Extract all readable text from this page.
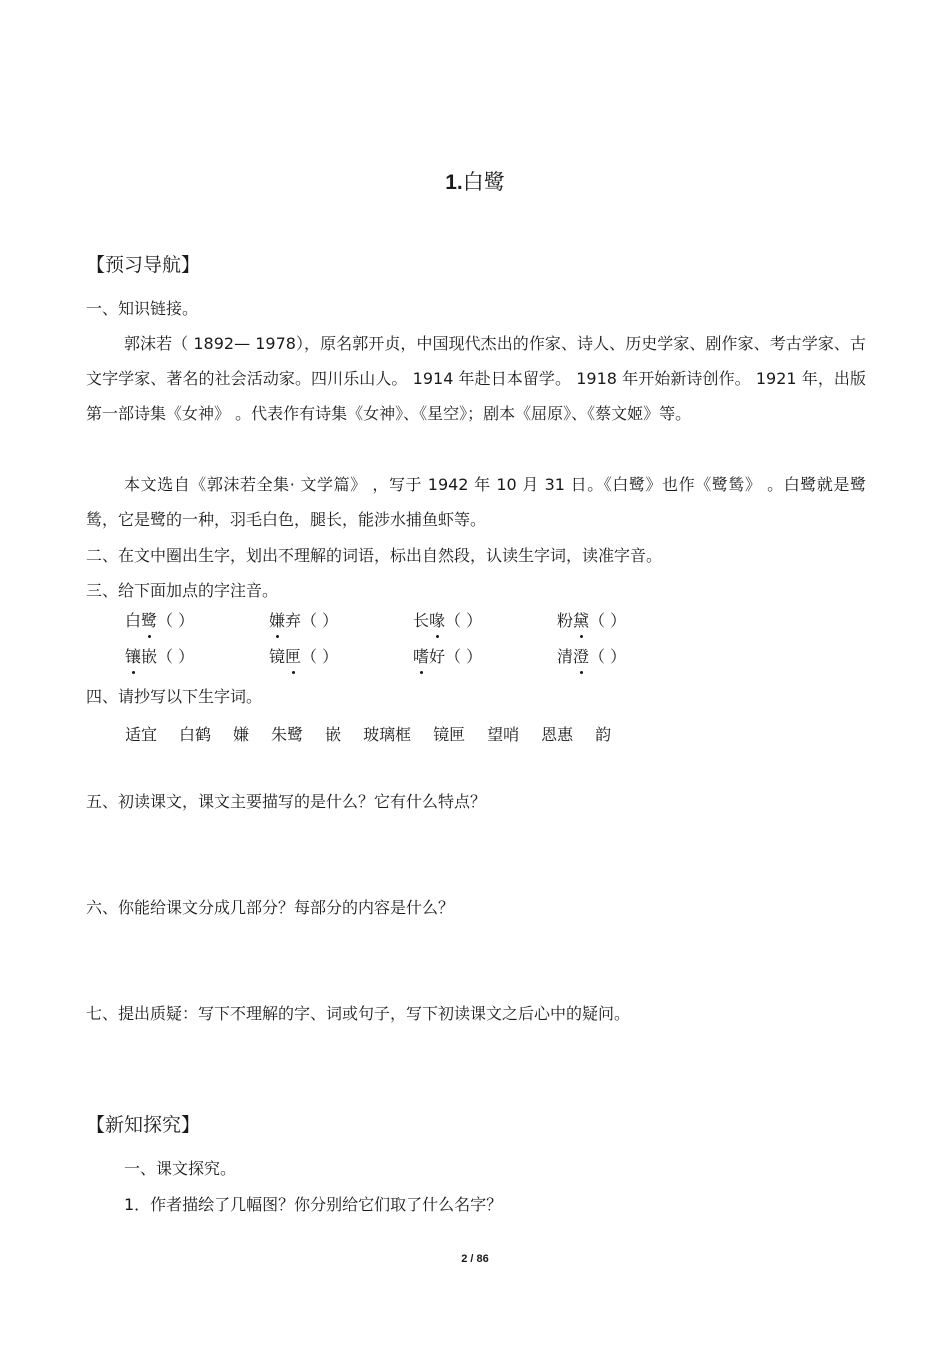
1.白鹭
【预习导航】
一、知识链接。
郭沫若（ 1892— 1978），原名郭开贞，中国现代杰出的作家、诗人、历史学家、剧作家、考古学家、古文字学家、著名的社会活动家。四川乐山人。 1914 年赴日本留学。 1918 年开始新诗创作。 1921 年，出版第一部诗集《女神》 。代表作有诗集《女神》、《星空》；剧本《屈原》、《蔡文姬》等。
本文选自《郭沫若全集· 文学篇》 ，写于 1942 年 10 月 31 日。《白鹭》也作《鹭鸶》 。白鹭就是鹭鸶，它是鹭的一种，羽毛白色，腿长，能涉水捕鱼虾等。
二、在文中圈出生字，划出不理解的词语，标出自然段，认读生字词，读准字音。
三、给下面加点的字注音。
白鹭（ ）	嫌弃（ ）	长喙（ ）	粉黛（ ）
镶嵌（ ）	镜匣（ ）	嗜好（ ）	清澄（ ）
四、请抄写以下生字词。
适宜 白鹤 嫌 朱鹭 嵌 玻璃框 镜匣 望哨 恩惠 韵
五、初读课文，课文主要描写的是什么？它有什么特点？
六、你能给课文分成几部分？每部分的内容是什么？
七、提出质疑：写下不理解的字、词或句子，写下初读课文之后心中的疑问。
【新知探究】
一、课文探究。
1．作者描绘了几幅图？你分别给它们取了什么名字？
2 / 86
